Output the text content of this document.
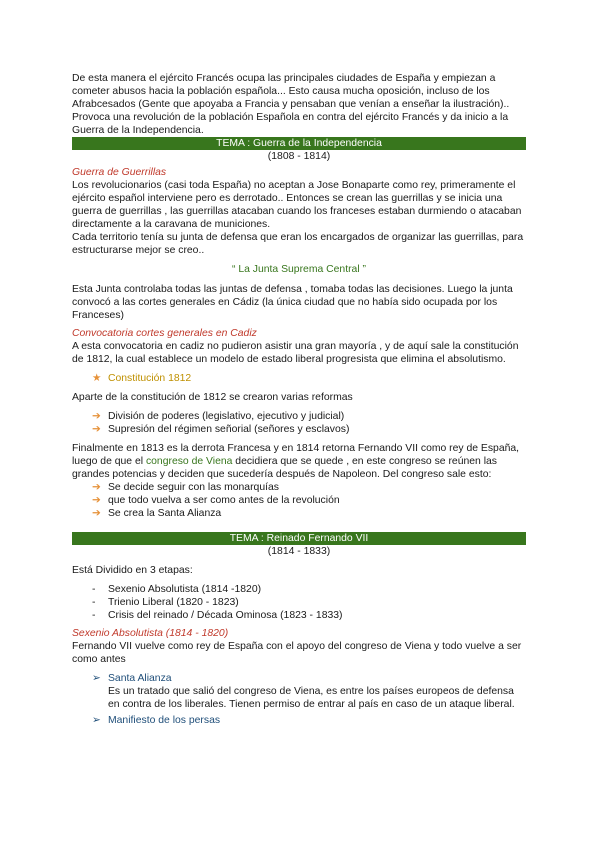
De esta manera el ejército Francés ocupa las principales ciudades de España y empiezan a cometer abusos hacia la población española... Esto causa mucha oposición, incluso de los Afrabcesados (Gente que apoyaba a Francia y pensaban que venían a enseñar la ilustración).. Provoca una revolución de la población Española en contra del ejército Francés y da inicio a la Guerra de la Independencia.

TEMA : Guerra de la Independencia

(1808 - 1814)

Guerra de Guerrillas

Los revolucionarios (casi toda España) no aceptan a Jose Bonaparte como rey, primeramente el ejército español interviene pero es derrotado.. Entonces se crean las guerrillas y se inicia una guerra de guerrillas , las guerrillas atacaban cuando los franceses estaban durmiendo o atacaban directamente a la caravana de municiones.

Cada territorio tenía su junta de defensa que eran los encargados de organizar las guerrillas, para estructurarse mejor se creo..

“ La Junta Suprema Central ”

Esta Junta controlaba todas las juntas de defensa , tomaba todas las decisiones. Luego la junta convocó a las cortes generales en Cádiz (la única ciudad que no había sido ocupada por los Franceses)

Convocatoria cortes generales en Cadiz

A esta convocatoria en cadiz no pudieron asistir una gran mayoría , y de aquí sale la constitución de 1812, la cual establece un modelo de estado liberal progresista que elimina el absolutismo.

★ Constitución 1812

Aparte de la constitución de 1812 se crearon varias reformas

➔ División de poderes (legislativo, ejecutivo y judicial)
➔ Supresión del régimen señorial (señores y esclavos)

Finalmente en 1813 es la derrota Francesa y en 1814 retorna Fernando VII como rey de España, luego de que el congreso de Viena decidiera que se quede , en este congreso se reúnen las grandes potencias y deciden que sucedería después de Napoleon. Del congreso sale esto:

➔ Se decide seguir con las monarquías
➔ que todo vuelva a ser como antes de la revolución
➔ Se crea la Santa Alianza
TEMA : Reinado Fernando VII

(1814 - 1833)

Está Dividido en 3 etapas:

- Sexenio Absolutista (1814 -1820)
- Trienio Liberal (1820 - 1823)
- Crisis del reinado / Década Ominosa (1823 - 1833)

Sexenio Absolutista (1814 - 1820)

Fernando VII vuelve como rey de España con el apoyo del congreso de Viena y todo vuelve a ser como antes

➢ Santa Alianza

Es un tratado que salió del congreso de Viena, es entre los países europeos de defensa en contra de los liberales. Tienen permiso de entrar al país en caso de un ataque liberal.

➢ Manifiesto de los persas
